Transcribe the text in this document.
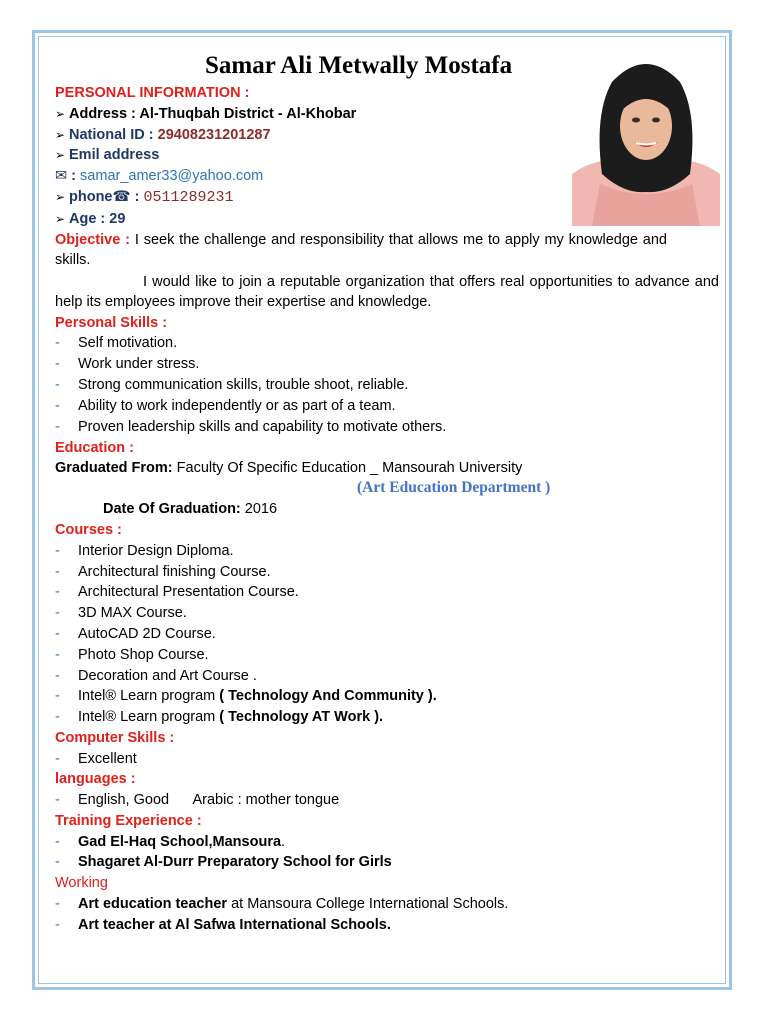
Samar Ali Metwally Mostafa
PERSONAL INFORMATION :
➢ Address : Al-Thuqbah District - Al-Khobar
➢ National ID : 29408231201287
➢ Emil address
✉ : samar_amer33@yahoo.com
➢ phone☎ : 0511289231
➢ Age : 29
Objective : I seek the challenge and responsibility that allows me to apply my knowledge and skills.
I would like to join a reputable organization that offers real opportunities to advance and help its employees improve their expertise and knowledge.
Personal Skills :
- Self motivation.
- Work under stress.
- Strong communication skills, trouble shoot, reliable.
- Ability to work independently or as part of a team.
- Proven leadership skills and capability to motivate others.
Education :
Graduated From: Faculty Of Specific Education _ Mansourah University
(Art Education Department )
Date Of Graduation: 2016
Courses :
- Interior Design Diploma.
- Architectural finishing Course.
- Architectural Presentation Course.
- 3D MAX Course.
- AutoCAD 2D Course.
- Photo Shop Course.
- Decoration and Art Course .
- Intel® Learn program ( Technology And Community ).
- Intel® Learn program ( Technology AT Work ).
Computer Skills :
- Excellent
languages :
- English, Good      Arabic : mother tongue
Training Experience :
- Gad El-Haq School,Mansoura.
- Shagaret Al-Durr Preparatory School for Girls
Working
- Art education teacher at Mansoura College International Schools.
- Art teacher at Al Safwa International Schools.
